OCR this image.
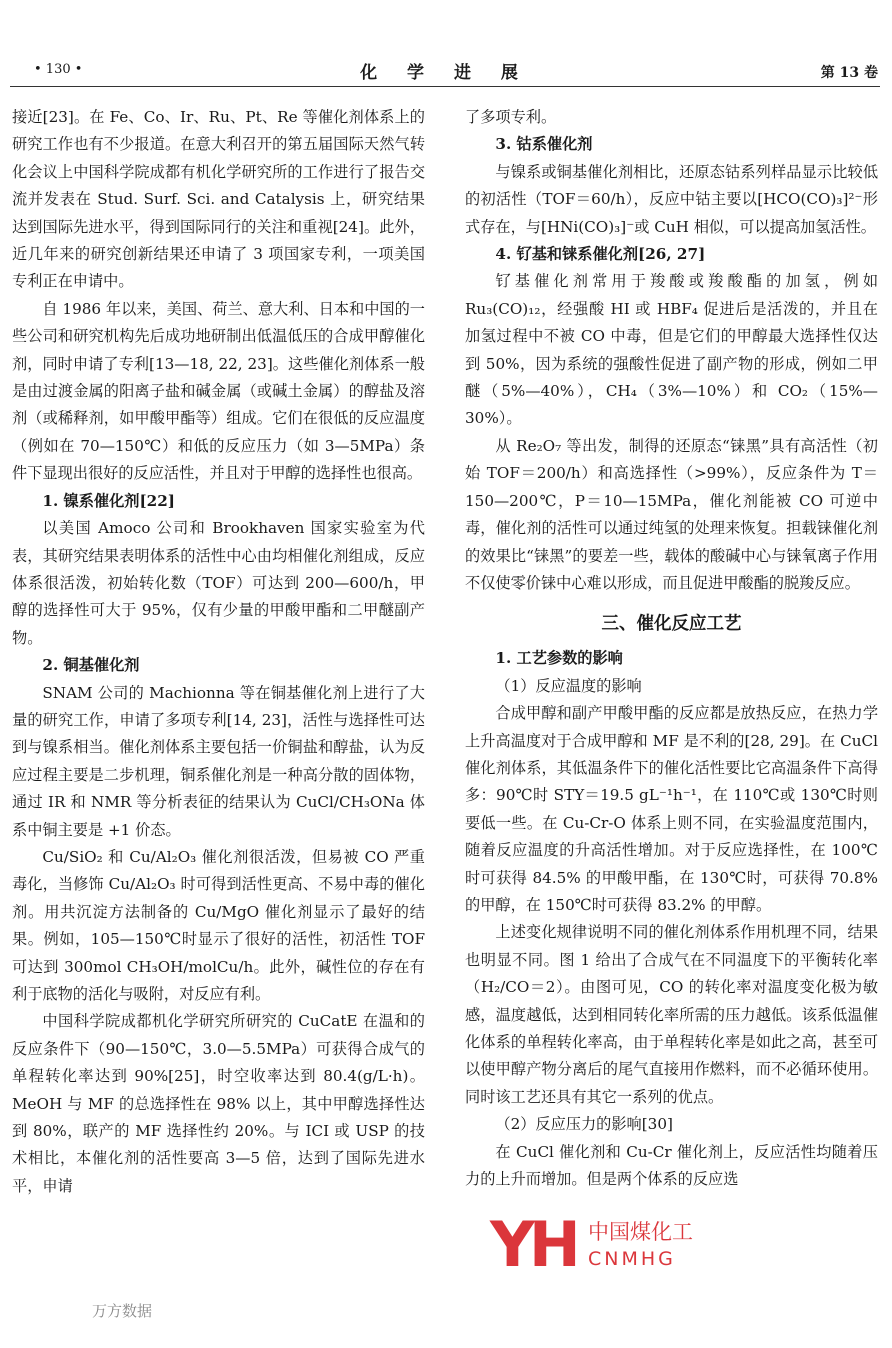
• 130 •	化 学 进 展	第 13 卷

接近[23]。在 Fe、Co、Ir、Ru、Pt、Re 等催化剂体系上的研究工作也有不少报道。在意大利召开的第五届国际天然气转化会议上中国科学院成都有机化学研究所的工作进行了报告交流并发表在 Stud. Surf. Sci. and Catalysis 上，研究结果达到国际先进水平，得到国际同行的关注和重视[24]。此外，近几年来的研究创新结果还申请了 3 项国家专利，一项美国专利正在申请中。

自 1986 年以来，美国、荷兰、意大利、日本和中国的一些公司和研究机构先后成功地研制出低温低压的合成甲醇催化剂，同时申请了专利[13—18, 22, 23]。这些催化剂体系一般是由过渡金属的阳离子盐和碱金属（或碱土金属）的醇盐及溶剂（或稀释剂，如甲酸甲酯等）组成。它们在很低的反应温度（例如在 70—150℃）和低的反应压力（如 3—5MPa）条件下显现出很好的反应活性，并且对于甲醇的选择性也很高。

1. 镍系催化剂[22]

以美国 Amoco 公司和 Brookhaven 国家实验室为代表，其研究结果表明体系的活性中心由均相催化剂组成，反应体系很活泼，初始转化数（TOF）可达到 200—600/h，甲醇的选择性可大于 95%，仅有少量的甲酸甲酯和二甲醚副产物。

2. 铜基催化剂

SNAM 公司的 Machionna 等在铜基催化剂上进行了大量的研究工作，申请了多项专利[14, 23]，活性与选择性可达到与镍系相当。催化剂体系主要包括一价铜盐和醇盐，认为反应过程主要是二步机理，铜系催化剂是一种高分散的固体物，通过 IR 和 NMR 等分析表征的结果认为 CuCl/CH₃ONa 体系中铜主要是 +1 价态。

Cu/SiO₂ 和 Cu/Al₂O₃ 催化剂很活泼，但易被 CO 严重毒化，当修饰 Cu/Al₂O₃ 时可得到活性更高、不易中毒的催化剂。用共沉淀方法制备的 Cu/MgO 催化剂显示了最好的结果。例如，105—150℃时显示了很好的活性，初活性 TOF 可达到 300mol CH₃OH/molCu/h。此外，碱性位的存在有利于底物的活化与吸附，对反应有利。

中国科学院成都机化学研究所研究的 CuCatE 在温和的反应条件下（90—150℃，3.0—5.5MPa）可获得合成气的单程转化率达到 90%[25]，时空收率达到 80.4(g/L·h)。MeOH 与 MF 的总选择性在 98% 以上，其中甲醇选择性达到 80%，联产的 MF 选择性约 20%。与 ICI 或 USP 的技术相比，本催化剂的活性要高 3—5 倍，达到了国际先进水平，申请

了多项专利。

3. 钴系催化剂

与镍系或铜基催化剂相比，还原态钴系列样品显示比较低的初活性（TOF＝60/h），反应中钴主要以[HCO(CO)₃]²⁻形式存在，与[HNi(CO)₃]⁻或 CuH 相似，可以提高加氢活性。

4. 钌基和铼系催化剂[26, 27]

钌基催化剂常用于羧酸或羧酸酯的加氢，例如 Ru₃(CO)₁₂，经强酸 HI 或 HBF₄ 促进后是活泼的，并且在加氢过程中不被 CO 中毒，但是它们的甲醇最大选择性仅达到 50%，因为系统的强酸性促进了副产物的形成，例如二甲醚（5%—40%），CH₄（3%—10%）和 CO₂（15%—30%）。

从 Re₂O₇ 等出发，制得的还原态“铼黑”具有高活性（初始 TOF＝200/h）和高选择性（>99%），反应条件为 T＝150—200℃，P＝10—15MPa，催化剂能被 CO 可逆中毒，催化剂的活性可以通过纯氢的处理来恢复。担载铼催化剂的效果比“铼黑”的要差一些，载体的酸碱中心与铼氧离子作用不仅使零价铼中心难以形成，而且促进甲酸酯的脱羧反应。

三、催化反应工艺

1. 工艺参数的影响

（1）反应温度的影响

合成甲醇和副产甲酸甲酯的反应都是放热反应，在热力学上升高温度对于合成甲醇和 MF 是不利的[28, 29]。在 CuCl 催化剂体系，其低温条件下的催化活性要比它高温条件下高得多：90℃时 STY＝19.5 gL⁻¹h⁻¹，在 110℃或 130℃时则要低一些。在 Cu-Cr-O 体系上则不同，在实验温度范围内，随着反应温度的升高活性增加。对于反应选择性，在 100℃时可获得 84.5% 的甲酸甲酯，在 130℃时，可获得 70.8% 的甲醇，在 150℃时可获得 83.2% 的甲醇。

上述变化规律说明不同的催化剂体系作用机理不同，结果也明显不同。图 1 给出了合成气在不同温度下的平衡转化率（H₂/CO＝2）。由图可见，CO 的转化率对温度变化极为敏感，温度越低，达到相同转化率所需的压力越低。该系低温催化体系的单程转化率高，由于单程转化率是如此之高，甚至可以使甲醇产物分离后的尾气直接用作燃料，而不必循环使用。同时该工艺还具有其它一系列的优点。

（2）反应压力的影响[30]

在 CuCl 催化剂和 Cu-Cr 催化剂上，反应活性均随着压力的上升而增加。但是两个体系的反应选

YH 中国煤化工
CNMHG
万方数据
